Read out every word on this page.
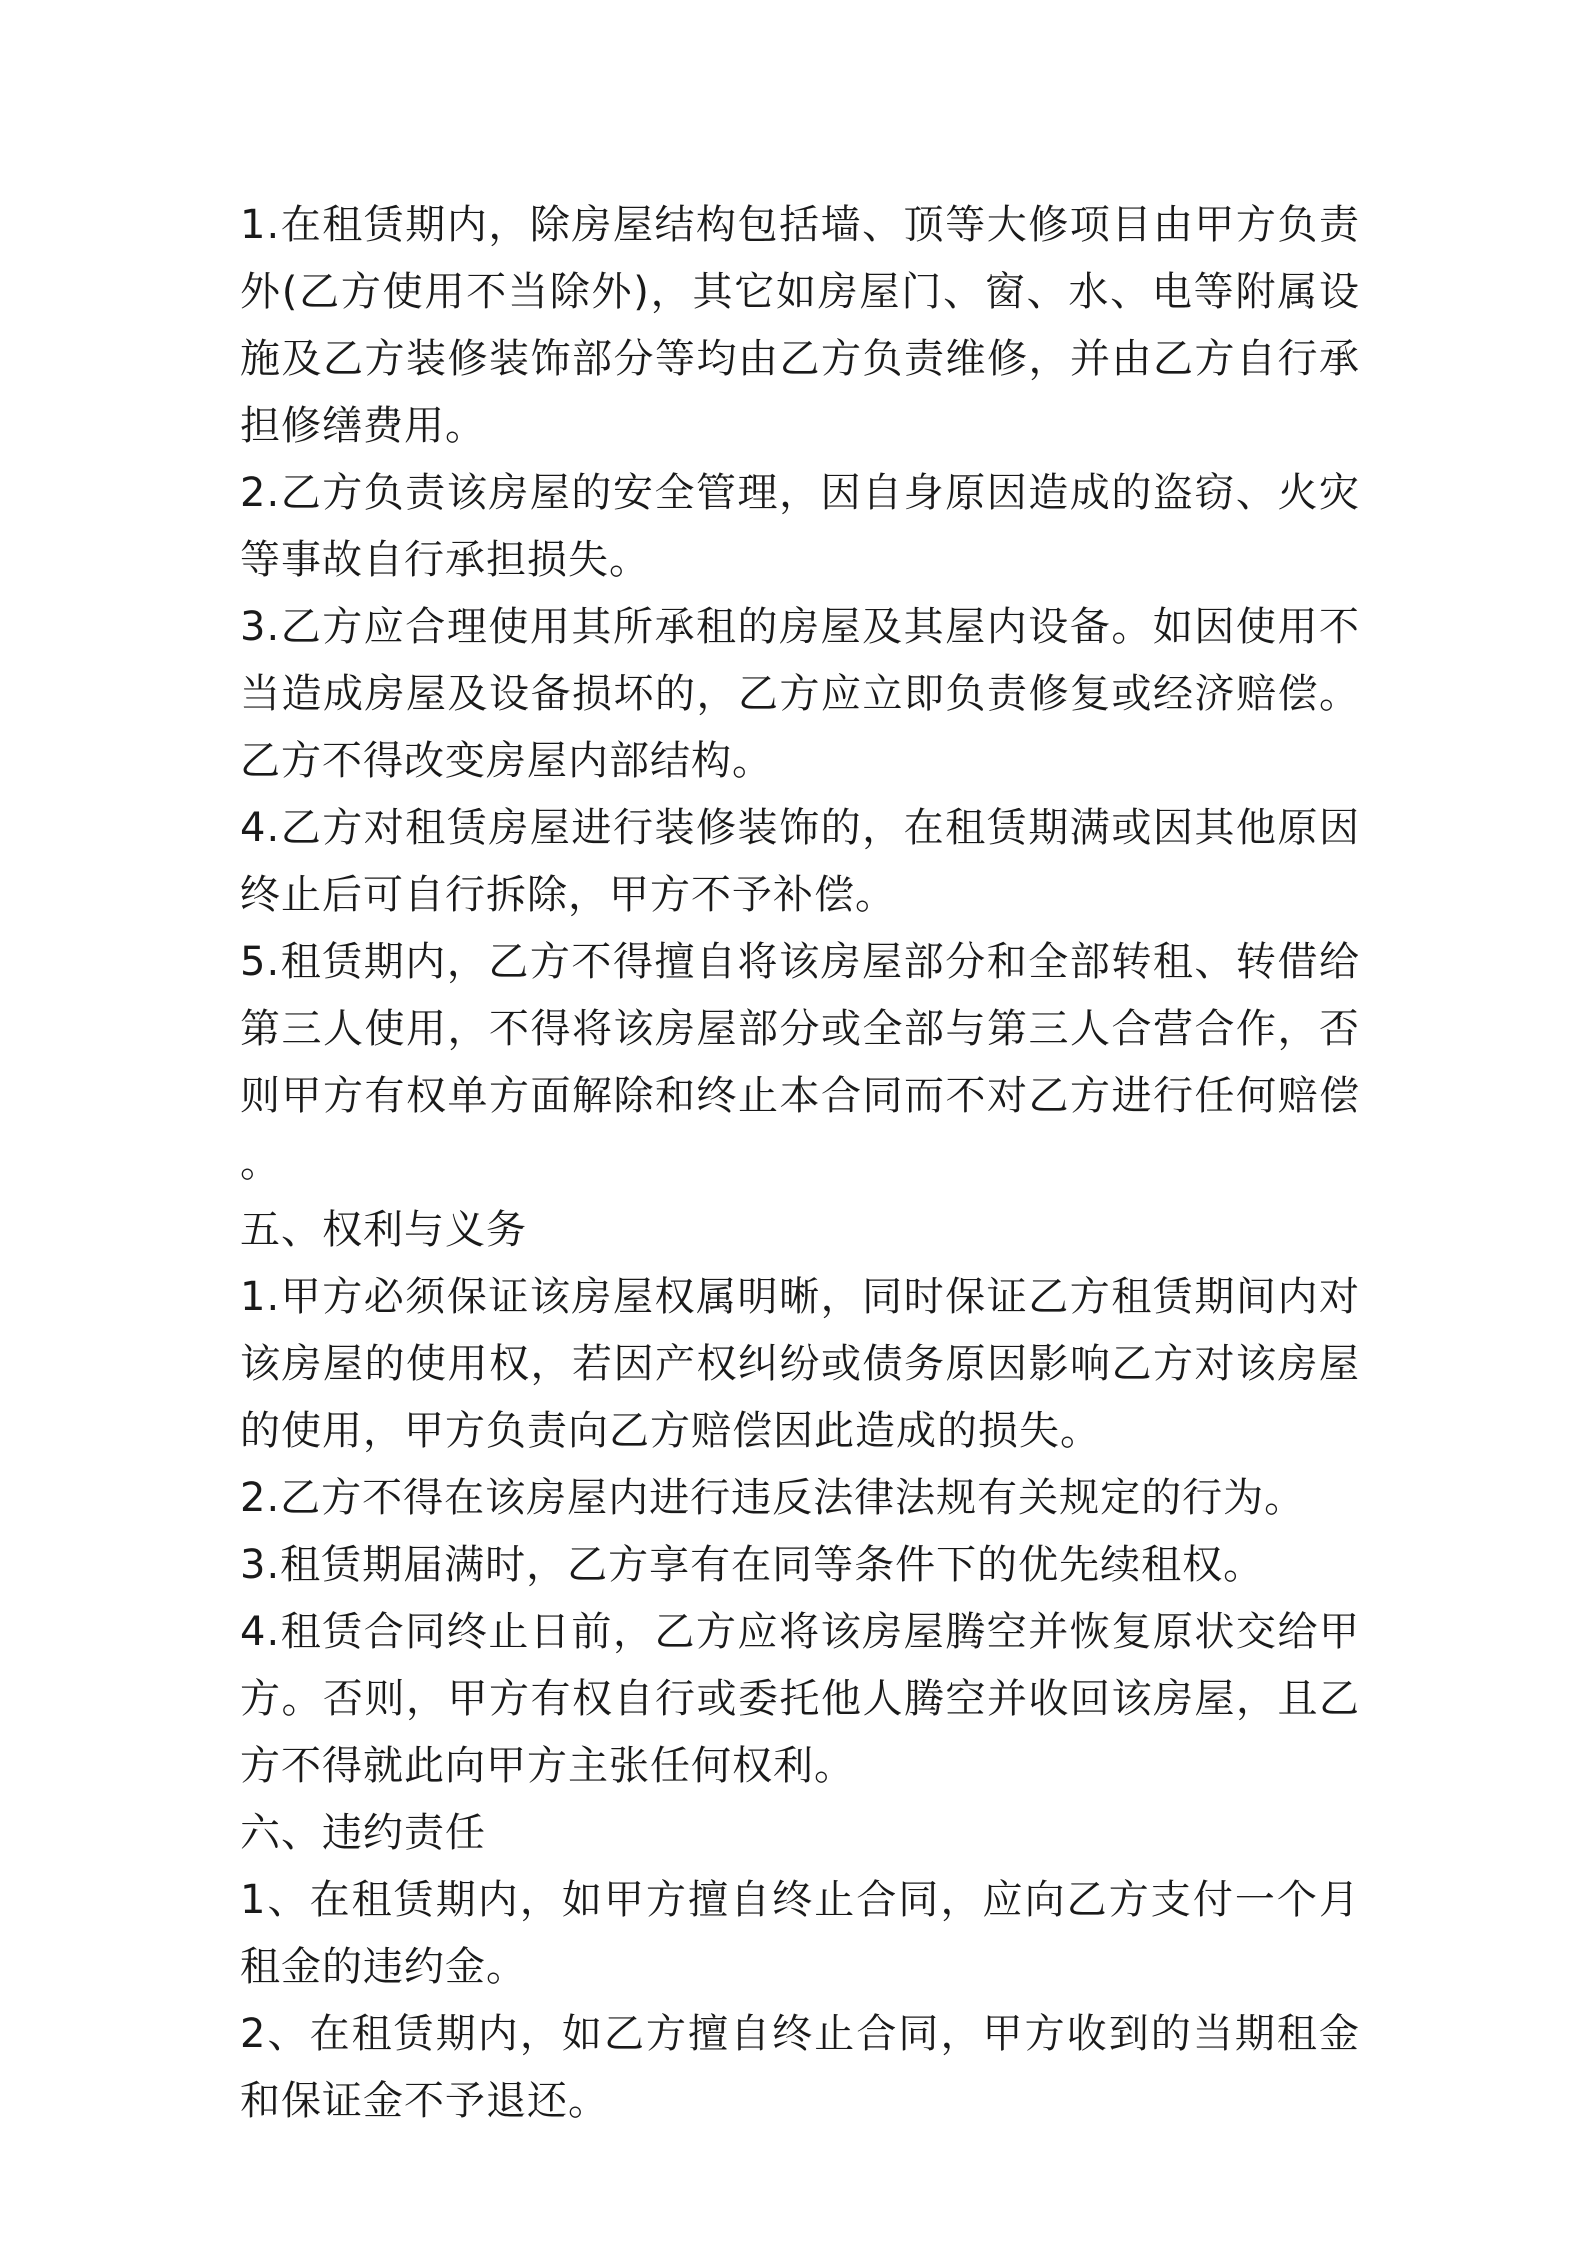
1.在租赁期内，除房屋结构包括墙、顶等大修项目由甲方负责外(乙方使用不当除外)，其它如房屋门、窗、水、电等附属设施及乙方装修装饰部分等均由乙方负责维修，并由乙方自行承担修缮费用。

2.乙方负责该房屋的安全管理，因自身原因造成的盗窃、火灾等事故自行承担损失。

3.乙方应合理使用其所承租的房屋及其屋内设备。如因使用不当造成房屋及设备损坏的，乙方应立即负责修复或经济赔偿。乙方不得改变房屋内部结构。

4.乙方对租赁房屋进行装修装饰的，在租赁期满或因其他原因终止后可自行拆除，甲方不予补偿。

5.租赁期内，乙方不得擅自将该房屋部分和全部转租、转借给第三人使用，不得将该房屋部分或全部与第三人合营合作，否则甲方有权单方面解除和终止本合同而不对乙方进行任何赔偿。

五、权利与义务

1.甲方必须保证该房屋权属明晰，同时保证乙方租赁期间内对该房屋的使用权，若因产权纠纷或债务原因影响乙方对该房屋的使用，甲方负责向乙方赔偿因此造成的损失。

2.乙方不得在该房屋内进行违反法律法规有关规定的行为。

3.租赁期届满时，乙方享有在同等条件下的优先续租权。

4.租赁合同终止日前，乙方应将该房屋腾空并恢复原状交给甲方。否则，甲方有权自行或委托他人腾空并收回该房屋，且乙方不得就此向甲方主张任何权利。

六、违约责任

1、在租赁期内，如甲方擅自终止合同，应向乙方支付一个月租金的违约金。

2、在租赁期内，如乙方擅自终止合同，甲方收到的当期租金和保证金不予退还。
